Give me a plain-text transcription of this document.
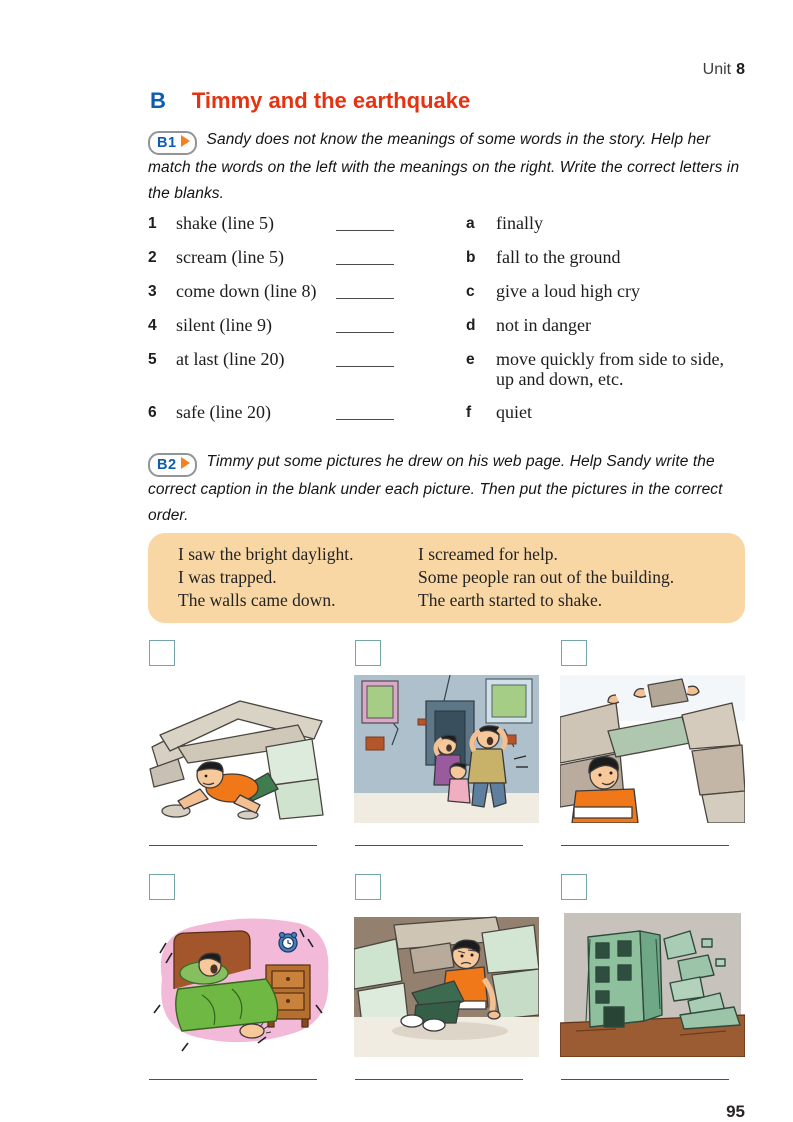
Unit 8
B Timmy and the earthquake

B1 Sandy does not know the meanings of some words in the story. Help her match the words on the left with the meanings on the right. Write the correct letters in the blanks.

1	shake (line 5)	a	finally
2	scream (line 5)	b	fall to the ground
3	come down (line 8)	c	give a loud high cry
4	silent (line 9)	d	not in danger
5	at last (line 20)	e	move quickly from side to side, up and down, etc.
6	safe (line 20)	f	quiet

B2 Timmy put some pictures he drew on his web page. Help Sandy write the correct caption in the blank under each picture. Then put the pictures in the correct order.

I saw the bright daylight.
I was trapped.
The walls came down.
I screamed for help.
Some people ran out of the building.
The earth started to shake.
95
